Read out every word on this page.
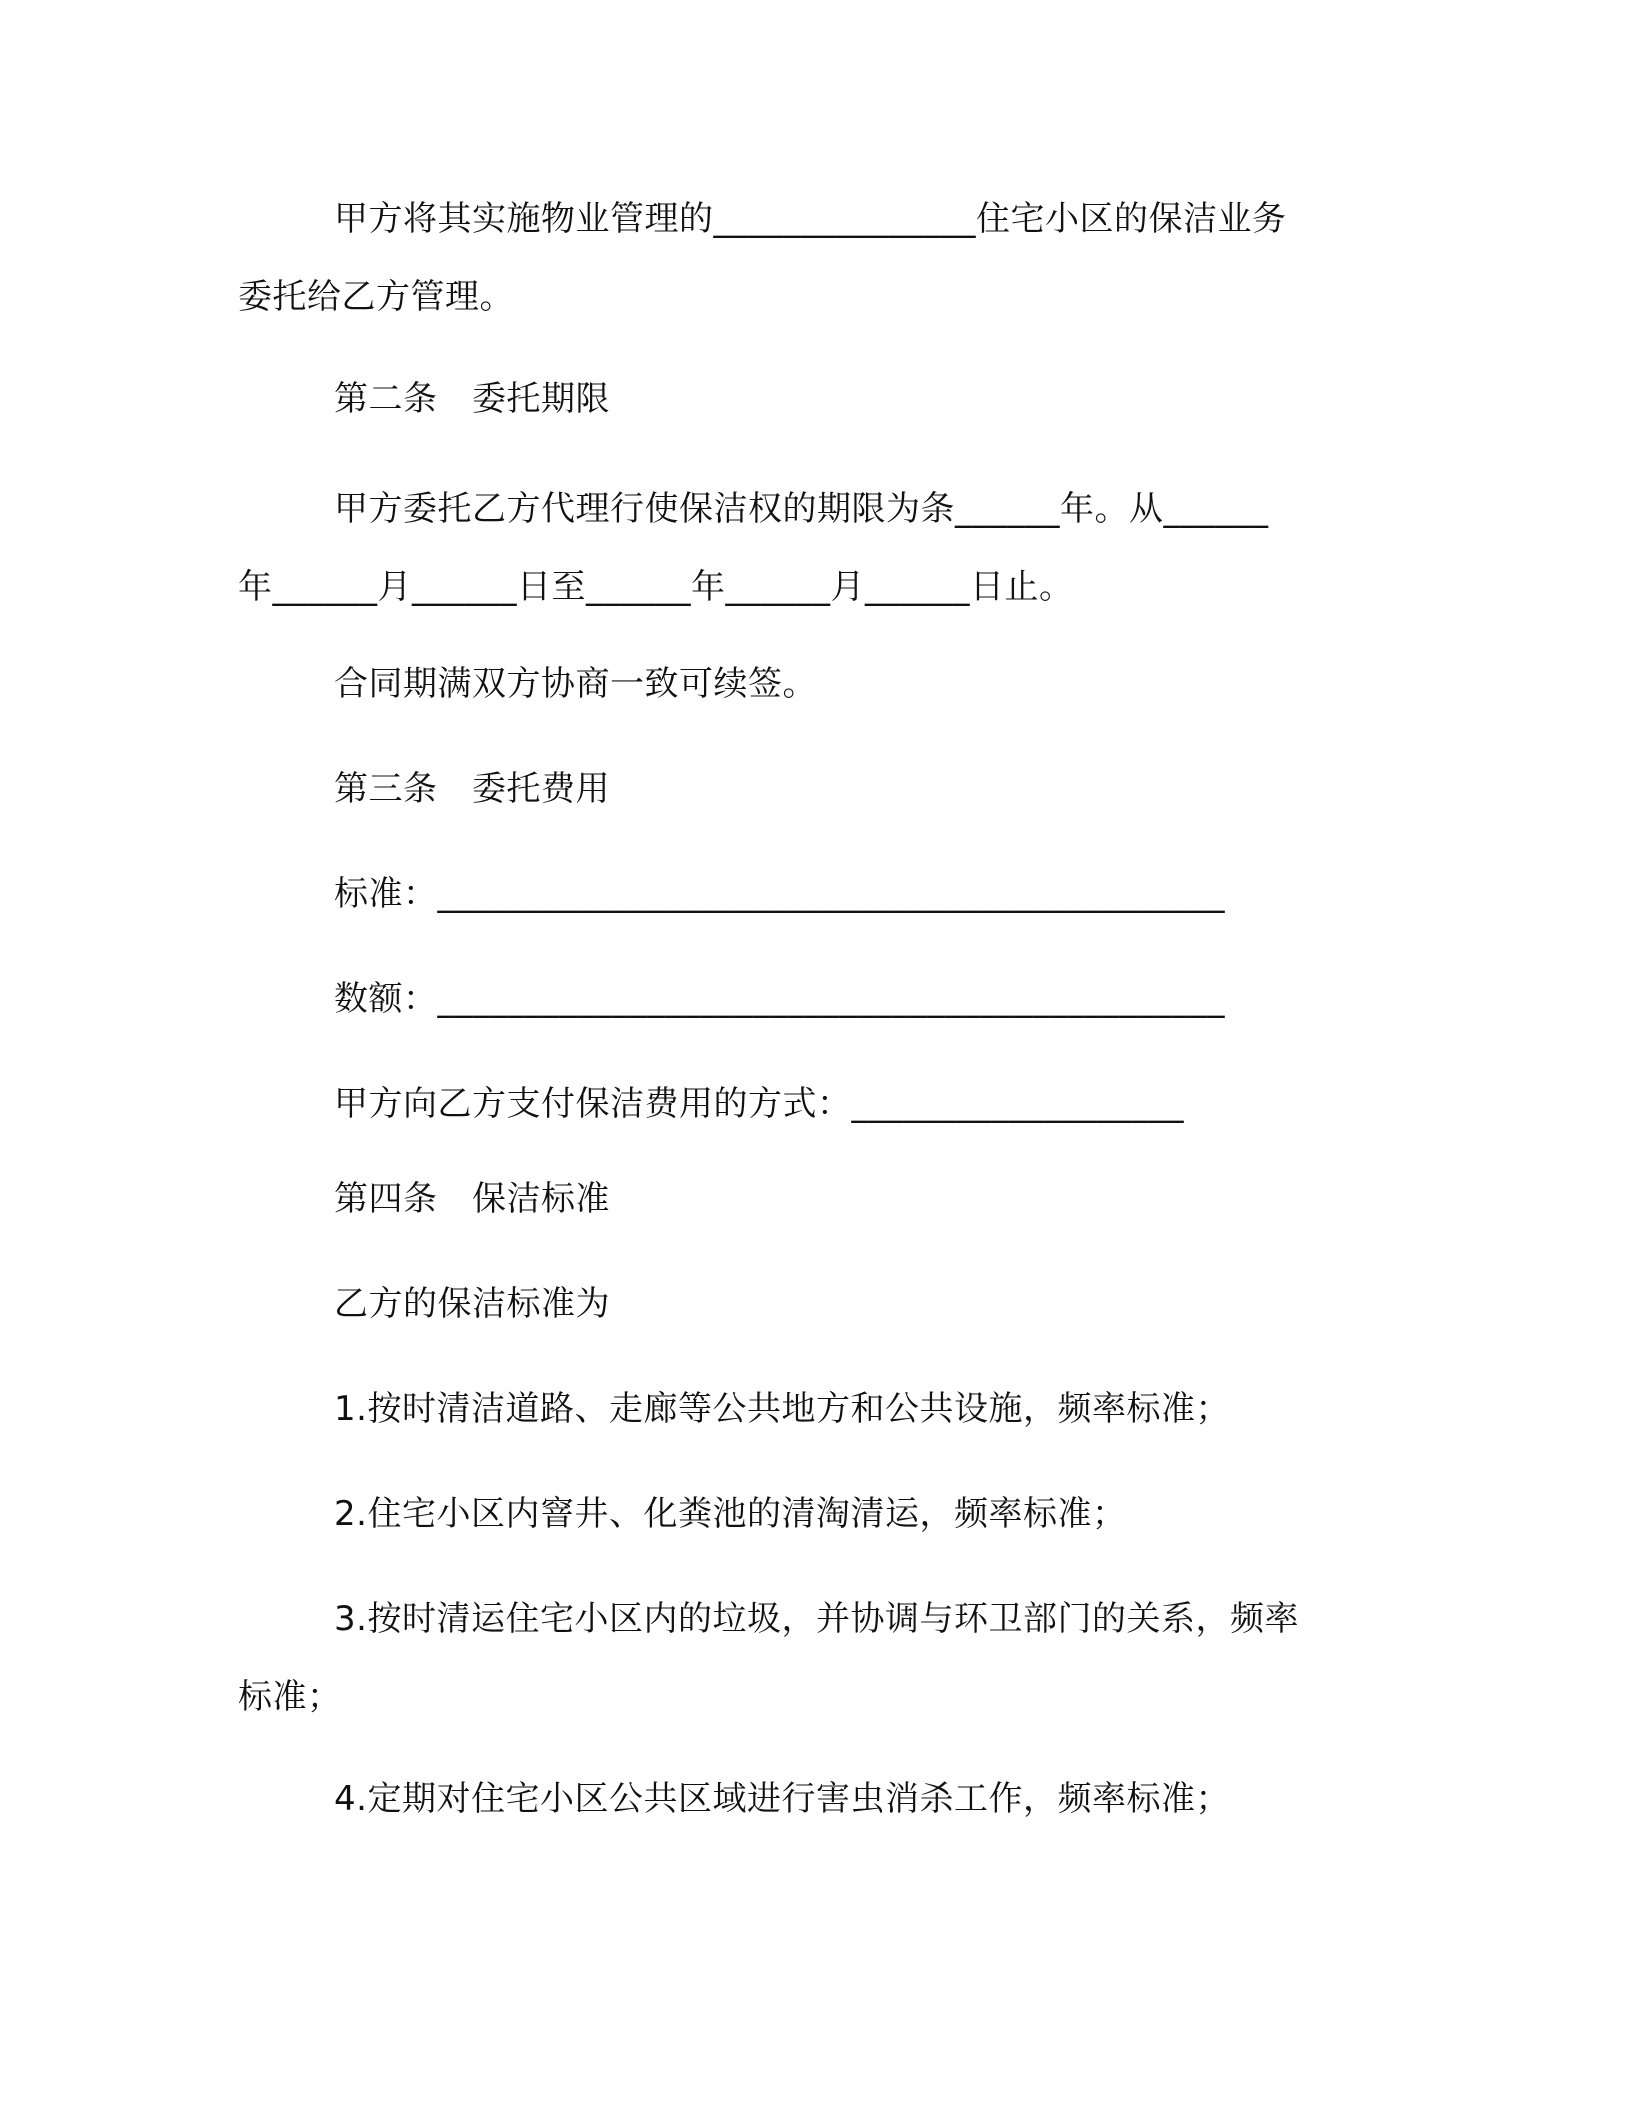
甲方将其实施物业管理的_______________住宅小区的保洁业务
委托给乙方管理。
第二条　委托期限
甲方委托乙方代理行使保洁权的期限为条______年。从______
年______月______日至______年______月______日止。
合同期满双方协商一致可续签。
第三条　委托费用
标准：_____________________________________________
数额：_____________________________________________
甲方向乙方支付保洁费用的方式：___________________
第四条　保洁标准
乙方的保洁标准为
1.按时清洁道路、走廊等公共地方和公共设施，频率标准；
2.住宅小区内窨井、化粪池的清淘清运，频率标准；
3.按时清运住宅小区内的垃圾，并协调与环卫部门的关系，频率
标准；
4.定期对住宅小区公共区域进行害虫消杀工作，频率标准；
